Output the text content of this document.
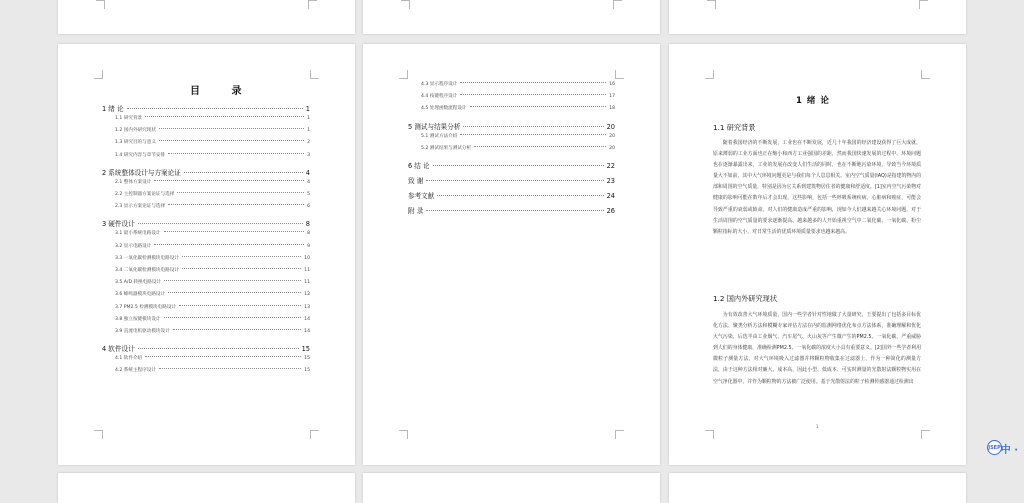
目 录
1 绪 论	1
1.1 研究背景	1
1.2 国内外研究现状	1
1.3 研究目的与意义	2
1.4 研究内容与章节安排	3
2 系统整体设计与方案论证	4
2.1 整体方案设计	4
2.2 主控制器方案论证与选择	5
2.3 显示方案论证与选择	6
3 硬件设计	8
3.1 最小系统电路设计	8
3.2 显示电路设计	9
3.3 一氧化碳检测模块电路设计	10
3.4 二氧化碳检测模块电路设计	11
3.5 A/D 转换电路设计	11
3.6 蜂鸣器模块电路设计	12
3.7 PM2.5 检测模块电路设计	13
3.8 独立按键模块设计	14
3.9 直流电机驱动模块设计	14
4 软件设计	15
4.1 软件介绍	15
4.2 系统主程序设计	15
4.3 显示程序设计	16
4.4 按键程序设计	17
4.5 处理函数流程设计	18
5 测试与结果分析	20
5.1 测试方法介绍	20
5.2 测试结果与测试分析	20
6 结 论	22
致 谢	23
参考文献	24
附 录	26
1 绪 论
1.1 研究背景
随着我国经济的不断发展，工业也在不断发展，近几十年我国的经济建设获得了巨大成就，原来薄弱的工业方面也正在缩小和西方工业强国的差距，然而我国快速发展的过程中，环境问题也在逐渐暴露出来，工业的发展在改变人们生活的同时，也在不断地污染环境，导致当今环境质量大不如前，其中大气环境问题更是与我们每个人息息相关。室内空气质量(IAQ)是指建筑物内的部和周围的空气质量，特别是因为它关系到建筑物居住者的健康和舒适度。[1]室内空气污染物对健康的影响可能在数年后才会出现，这些影响，包括一些呼吸系统疾病，心脏病和癌症，可能会导致严重的衰弱或致命。对人们的健康造成严重的影响，现如今人们越来越关心环境问题，对于生活周围的空气质量的要求逐渐提高，越来越多的人开始重视空气中二氧化碳、一氧化碳、粉尘颗粒指标的大小，对日常生活的优质环境质量要求也越来越高。
1.2 国内外研究现状
为有效改善大气环境质量，国内一些学者针对性地做了大量研究，王要提出了包括多目标优化方法、聚类分析方法和模糊专家评估方法在内的监测网络优化布点方法体系，准确理解和优化大气污染，后选半由工业烟气、汽车尾气、火山灰等产生微产生的PM2.5、一氧化碳，严重威胁到人们的身体健康，准确检测PM2.5、一氧化碳的浓度大小具有重要意义。[2]国外一些学者利用微粒子测量方法，对大气环境吸入过滤器并将颗粒物收集在过滤器上，作为一种简化的测量方法，由于这种方法相对廉大、成本高，因此小型、低成本、可实时测量的光散射法颗粒物实用在空气净化器中，并作为颗粒物的方法被广泛使用。基于光散射法的粒子检测传感器通过检测出
1
JSEP 中 ·
